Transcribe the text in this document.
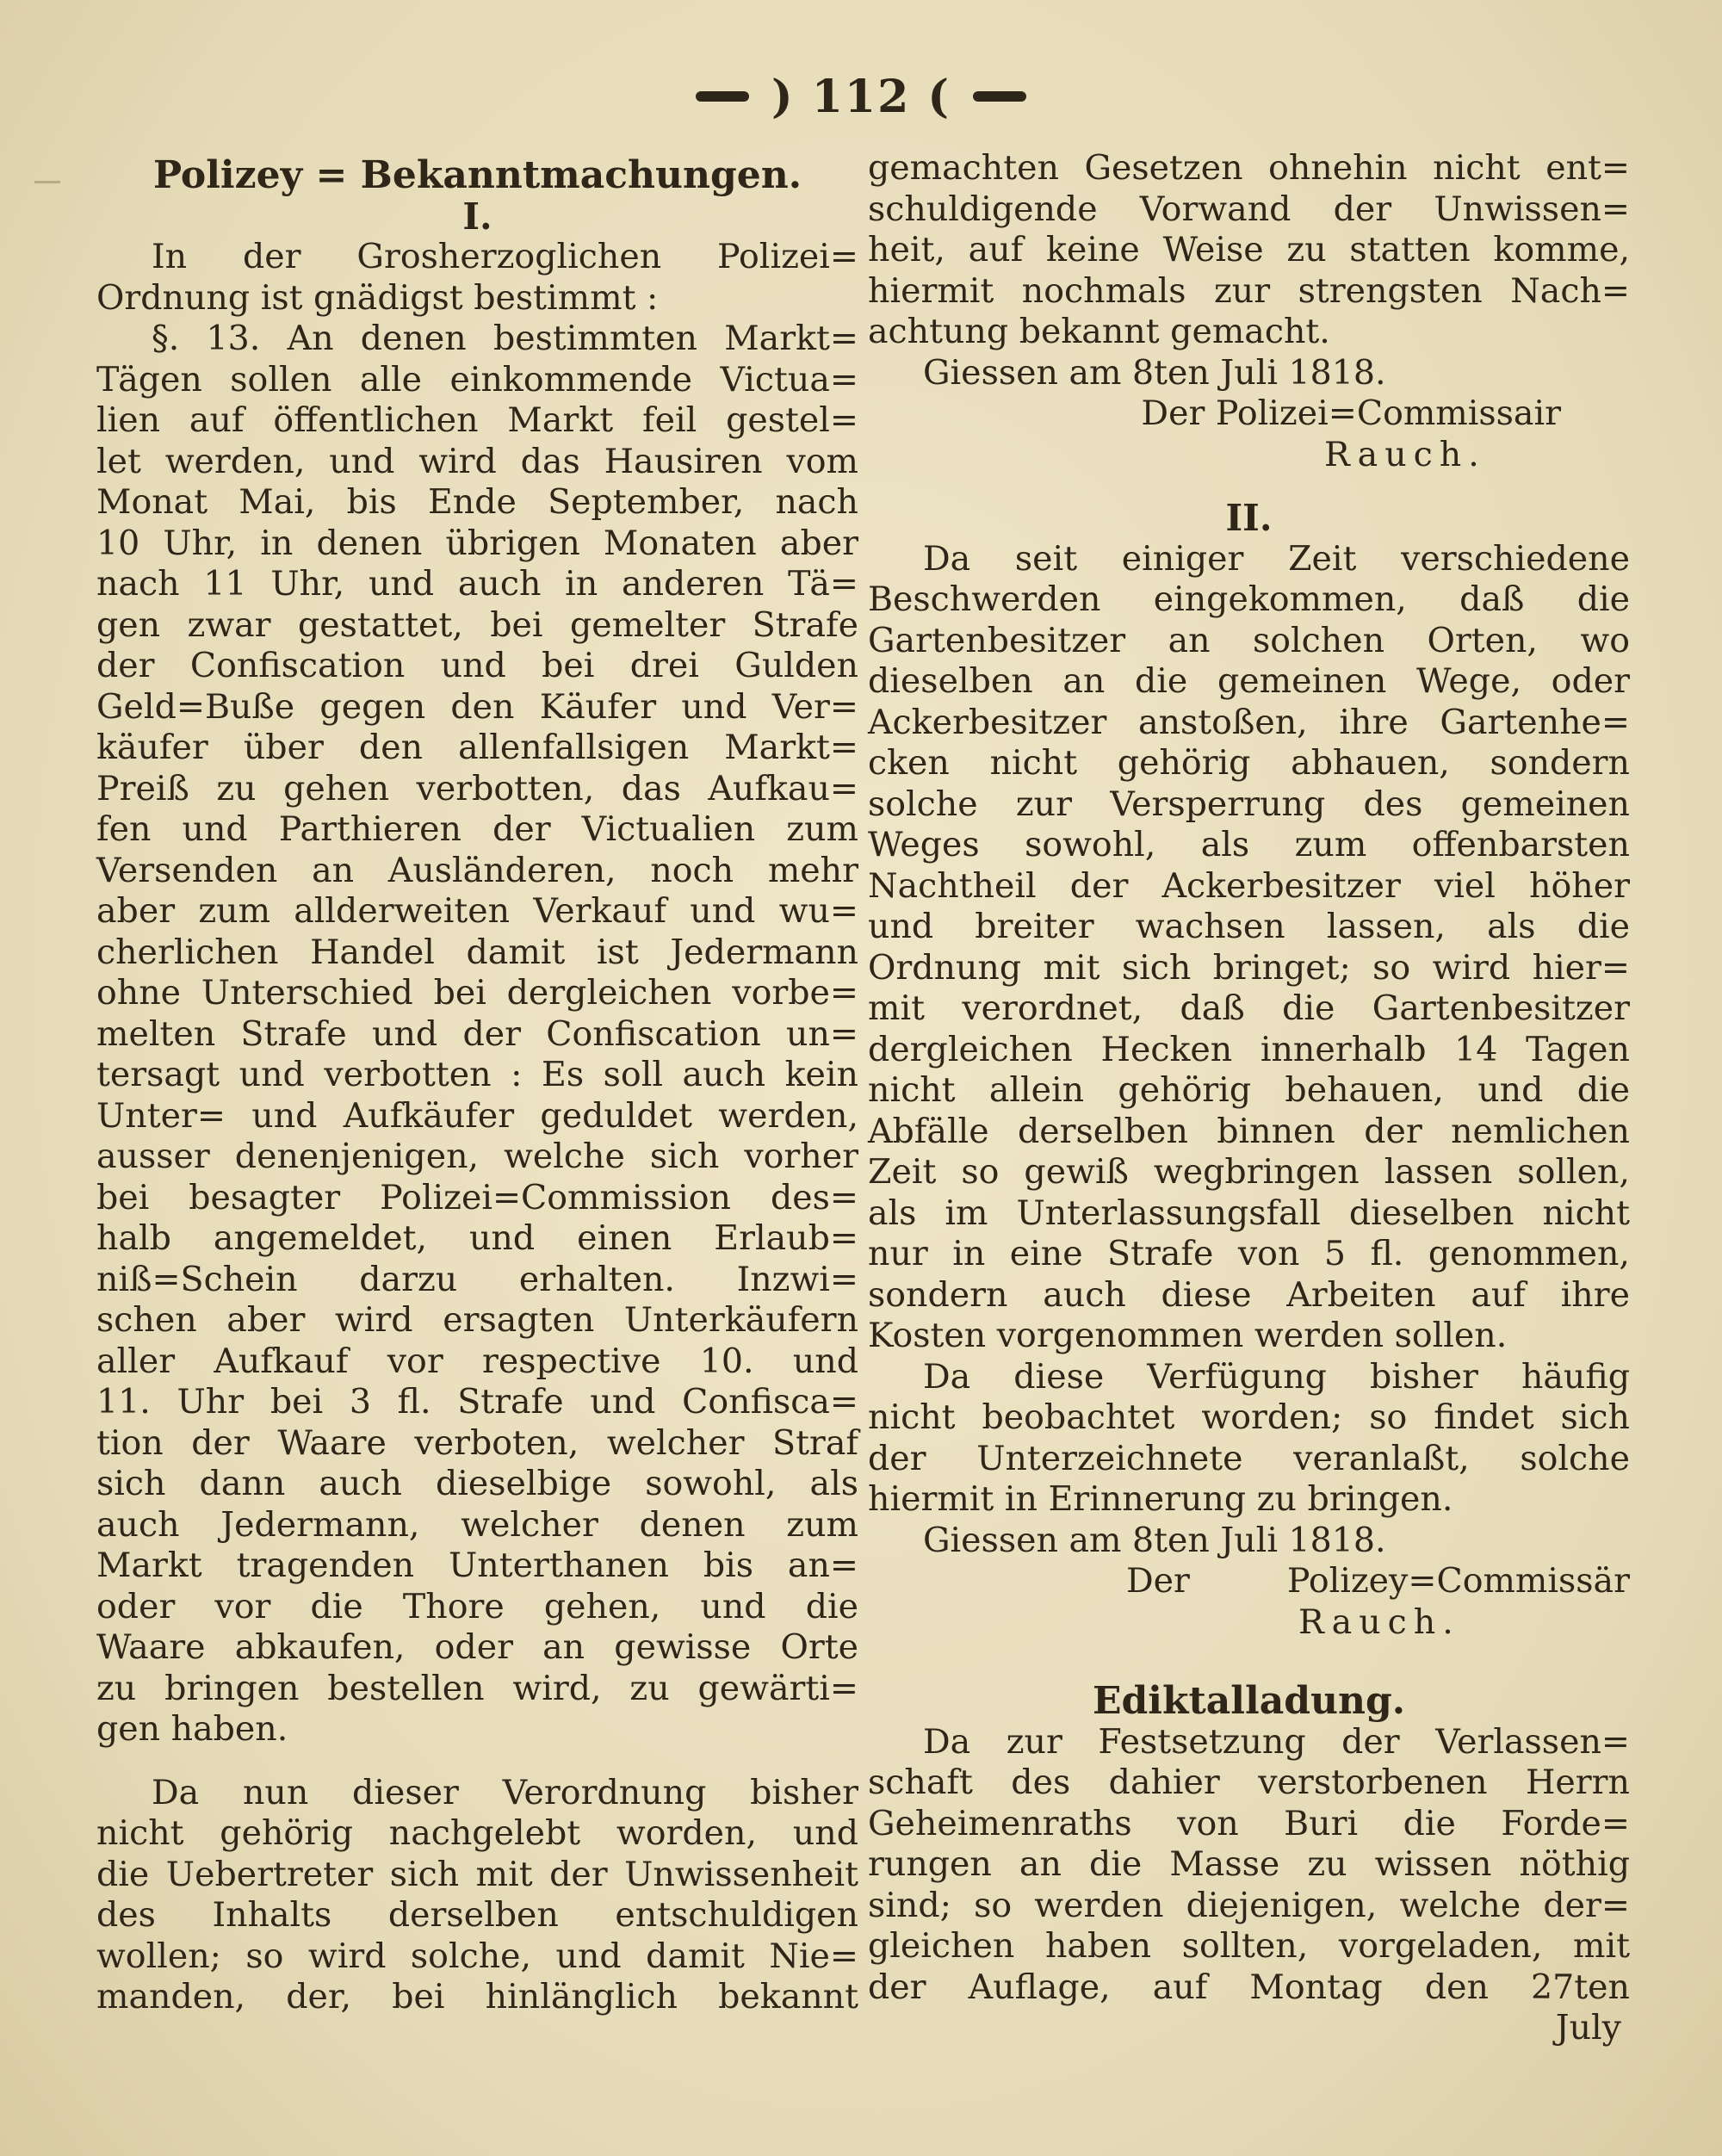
) 112 (
Polizey = Bekanntmachungen.
I.
In der Grosherzoglichen Polizei=
Ordnung ist gnädigst bestimmt :
§. 13. An denen bestimmten Markt=
Tägen sollen alle einkommende Victua=
lien auf öffentlichen Markt feil gestel=
let werden, und wird das Hausiren vom
Monat Mai, bis Ende September, nach
10 Uhr, in denen übrigen Monaten aber
nach 11 Uhr, und auch in anderen Tä=
gen zwar gestattet, bei gemelter Strafe
der Confiscation und bei drei Gulden
Geld=Buße gegen den Käufer und Ver=
käufer über den allenfallsigen Markt=
Preiß zu gehen verbotten, das Aufkau=
fen und Parthieren der Victualien zum
Versenden an Ausländeren, noch mehr
aber zum allderweiten Verkauf und wu=
cherlichen Handel damit ist Jedermann
ohne Unterschied bei dergleichen vorbe=
melten Strafe und der Confiscation un=
tersagt und verbotten : Es soll auch kein
Unter= und Aufkäufer geduldet werden,
ausser denenjenigen, welche sich vorher
bei besagter Polizei=Commission des=
halb angemeldet, und einen Erlaub=
niß=Schein darzu erhalten. Inzwi=
schen aber wird ersagten Unterkäufern
aller Aufkauf vor respective 10. und
11. Uhr bei 3 fl. Strafe und Confisca=
tion der Waare verboten, welcher Straf
sich dann auch dieselbige sowohl, als
auch Jedermann, welcher denen zum
Markt tragenden Unterthanen bis an=
oder vor die Thore gehen, und die
Waare abkaufen, oder an gewisse Orte
zu bringen bestellen wird, zu gewärti=
gen haben.
Da nun dieser Verordnung bisher
nicht gehörig nachgelebt worden, und
die Uebertreter sich mit der Unwissenheit
des Inhalts derselben entschuldigen
wollen; so wird solche, und damit Nie=
manden, der, bei hinlänglich bekannt
gemachten Gesetzen ohnehin nicht ent=
schuldigende Vorwand der Unwissen=
heit, auf keine Weise zu statten komme,
hiermit nochmals zur strengsten Nach=
achtung bekannt gemacht.
Giessen am 8ten Juli 1818.
Der Polizei=Commissair
Rauch.
II.
Da seit einiger Zeit verschiedene
Beschwerden eingekommen, daß die
Gartenbesitzer an solchen Orten, wo
dieselben an die gemeinen Wege, oder
Ackerbesitzer anstoßen, ihre Gartenhe=
cken nicht gehörig abhauen, sondern
solche zur Versperrung des gemeinen
Weges sowohl, als zum offenbarsten
Nachtheil der Ackerbesitzer viel höher
und breiter wachsen lassen, als die
Ordnung mit sich bringet; so wird hier=
mit verordnet, daß die Gartenbesitzer
dergleichen Hecken innerhalb 14 Tagen
nicht allein gehörig behauen, und die
Abfälle derselben binnen der nemlichen
Zeit so gewiß wegbringen lassen sollen,
als im Unterlassungsfall dieselben nicht
nur in eine Strafe von 5 fl. genommen,
sondern auch diese Arbeiten auf ihre
Kosten vorgenommen werden sollen.
Da diese Verfügung bisher häufig
nicht beobachtet worden; so findet sich
der Unterzeichnete veranlaßt, solche
hiermit in Erinnerung zu bringen.
Giessen am 8ten Juli 1818.
Der Polizey=Commissär
Rauch.
Ediktalladung.
Da zur Festsetzung der Verlassen=
schaft des dahier verstorbenen Herrn
Geheimenraths von Buri die Forde=
rungen an die Masse zu wissen nöthig
sind; so werden diejenigen, welche der=
gleichen haben sollten, vorgeladen, mit
der Auflage, auf Montag den 27ten
July
